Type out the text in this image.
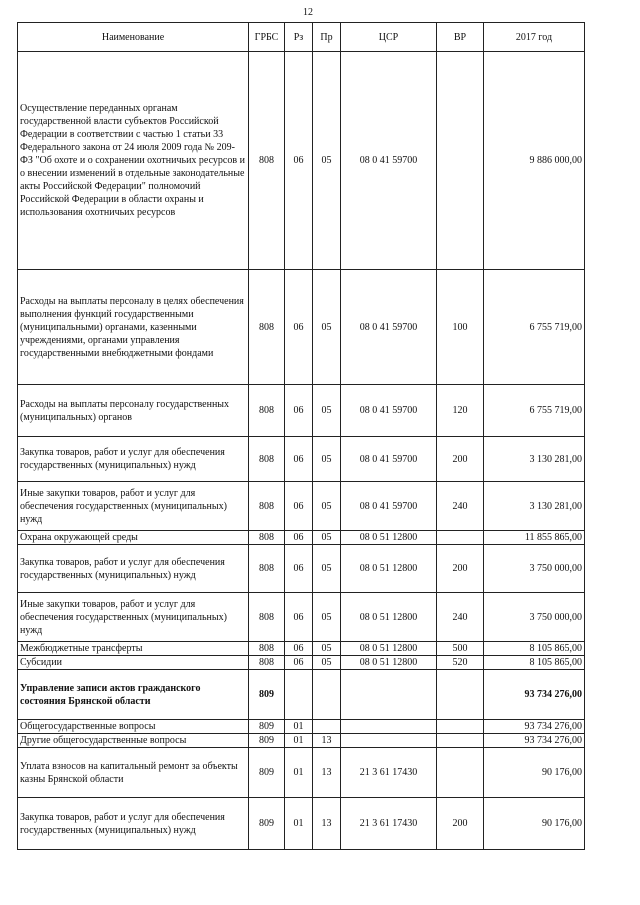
12
Наименование	ГРБС	Рз	Пр	ЦСР	ВР	2017 год
Осуществление переданных органам государственной власти субъектов Российской Федерации в соответствии с частью 1 статьи 33 Федерального закона от 24 июля 2009 года № 209-ФЗ "Об охоте и о сохранении охотничьих ресурсов и о внесении изменений в отдельные законодательные акты Российской Федерации" полномочий Российской Федерации в области охраны и использования охотничьих ресурсов	808	06	05	08 0 41 59700		9 886 000,00
Расходы на выплаты персоналу в целях обеспечения выполнения функций государственными (муниципальными) органами, казенными учреждениями, органами управления государственными внебюджетными фондами	808	06	05	08 0 41 59700	100	6 755 719,00
Расходы на выплаты персоналу государственных (муниципальных) органов	808	06	05	08 0 41 59700	120	6 755 719,00
Закупка товаров, работ и услуг для обеспечения государственных (муниципальных) нужд	808	06	05	08 0 41 59700	200	3 130 281,00
Иные закупки товаров, работ и услуг для обеспечения государственных (муниципальных) нужд	808	06	05	08 0 41 59700	240	3 130 281,00
Охрана окружающей среды	808	06	05	08 0 51 12800		11 855 865,00
Закупка товаров, работ и услуг для обеспечения государственных (муниципальных) нужд	808	06	05	08 0 51 12800	200	3 750 000,00
Иные закупки товаров, работ и услуг для обеспечения государственных (муниципальных) нужд	808	06	05	08 0 51 12800	240	3 750 000,00
Межбюджетные трансферты	808	06	05	08 0 51 12800	500	8 105 865,00
Субсидии	808	06	05	08 0 51 12800	520	8 105 865,00
Управление записи актов гражданского состояния Брянской области	809					93 734 276,00
Общегосударственные вопросы	809	01				93 734 276,00
Другие общегосударственные вопросы	809	01	13			93 734 276,00
Уплата взносов на капитальный ремонт за объекты казны Брянской области	809	01	13	21 3 61 17430		90 176,00
Закупка товаров, работ и услуг для обеспечения государственных (муниципальных) нужд	809	01	13	21 3 61 17430	200	90 176,00
